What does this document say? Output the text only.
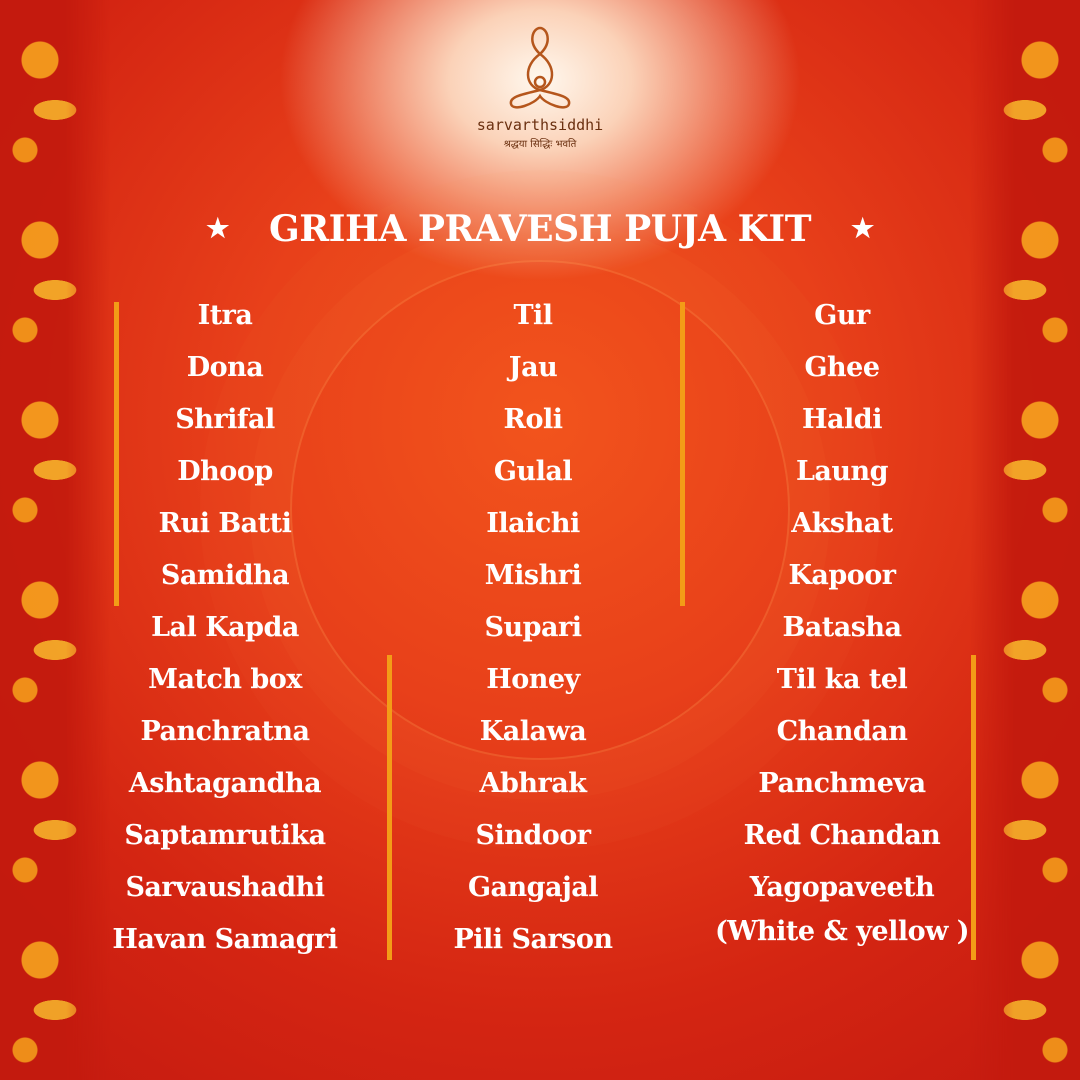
sarvarthsiddhi
श्रद्धया सिद्धिः भवति
★ GRIHA PRAVESH PUJA KIT ★
Itra
Dona
Shrifal
Dhoop
Rui Batti
Samidha
Lal Kapda
Match box
Panchratna
Ashtagandha
Saptamrutika
Sarvaushadhi
Havan Samagri
Til
Jau
Roli
Gulal
Ilaichi
Mishri
Supari
Honey
Kalawa
Abhrak
Sindoor
Gangajal
Pili Sarson
Gur
Ghee
Haldi
Laung
Akshat
Kapoor
Batasha
Til ka tel
Chandan
Panchmeva
Red Chandan
Yagopaveeth
(White & yellow )
